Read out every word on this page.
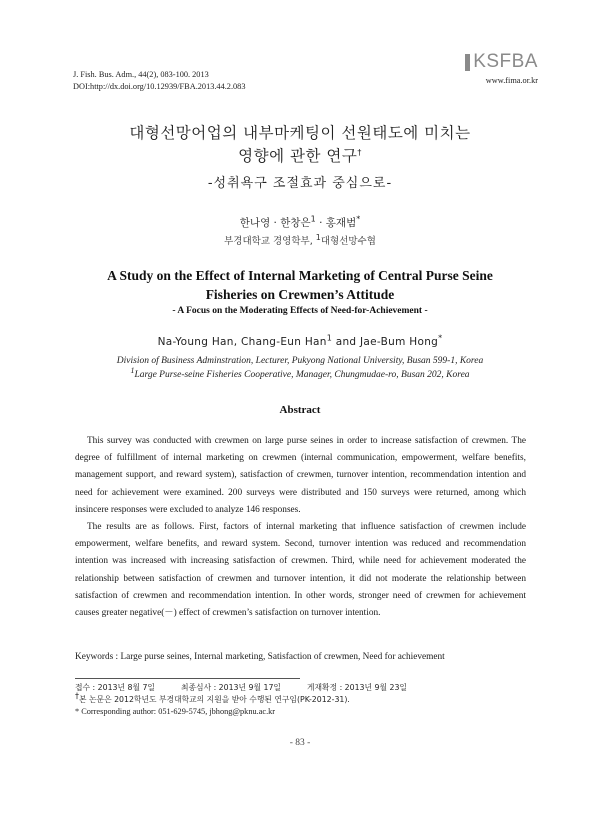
J. Fish. Bus. Adm., 44(2), 083-100. 2013
DOI:http://dx.doi.org/10.12939/FBA.2013.44.2.083
KSFBA
www.fima.or.kr
대형선망어업의 내부마케팅이 선원태도에 미치는
영향에 관한 연구†
-성취욕구 조절효과 중심으로-
한나영 · 한창은$^1$ · 홍재범*
부경대학교 경영학부, $^1$대형선망수협
A Study on the Effect of Internal Marketing of Central Purse Seine
Fisheries on Crewmen’s Attitude
- A Focus on the Moderating Effects of Need-for-Achievement -
Na-Young Han, Chang-Eun Han$^1$ and Jae-Bum Hong*
Division of Business Adminstration, Lecturer, Pukyong National University, Busan 599-1, Korea
$^1$Large Purse-seine Fisheries Cooperative, Manager, Chungmudae-ro, Busan 202, Korea
Abstract

This survey was conducted with crewmen on large purse seines in order to increase satisfaction of crewmen. The degree of fulfillment of internal marketing on crewmen (internal communication, empowerment, welfare benefits, management support, and reward system), satisfaction of crewmen, turnover intention, recommendation intention and need for achievement were examined. 200 surveys were distributed and 150 surveys were returned, among which insincere responses were excluded to analyze 146 responses.

The results are as follows. First, factors of internal marketing that influence satisfaction of crewmen include empowerment, welfare benefits, and reward system. Second, turnover intention was reduced and recommendation intention was increased with increasing satisfaction of crewmen. Third, while need for achievement moderated the relationship between satisfaction of crewmen and turnover intention, it did not moderate the relationship between satisfaction of crewmen and recommendation intention. In other words, stronger need of crewmen for achievement causes greater negative(－) effect of crewmen’s satisfaction on turnover intention.

Keywords : Large purse seines, Internal marketing, Satisfaction of crewmen, Need for achievement
접수 : 2013년 8월 7일	최종심사 : 2013년 9월 17일	게재확정 : 2013년 9월 23일
†본 논문은 2012학년도 부경대학교의 지원을 받아 수행된 연구임(PK-2012-31).
* Corresponding author: 051-629-5745, jbhong@pknu.ac.kr
- 83 -
